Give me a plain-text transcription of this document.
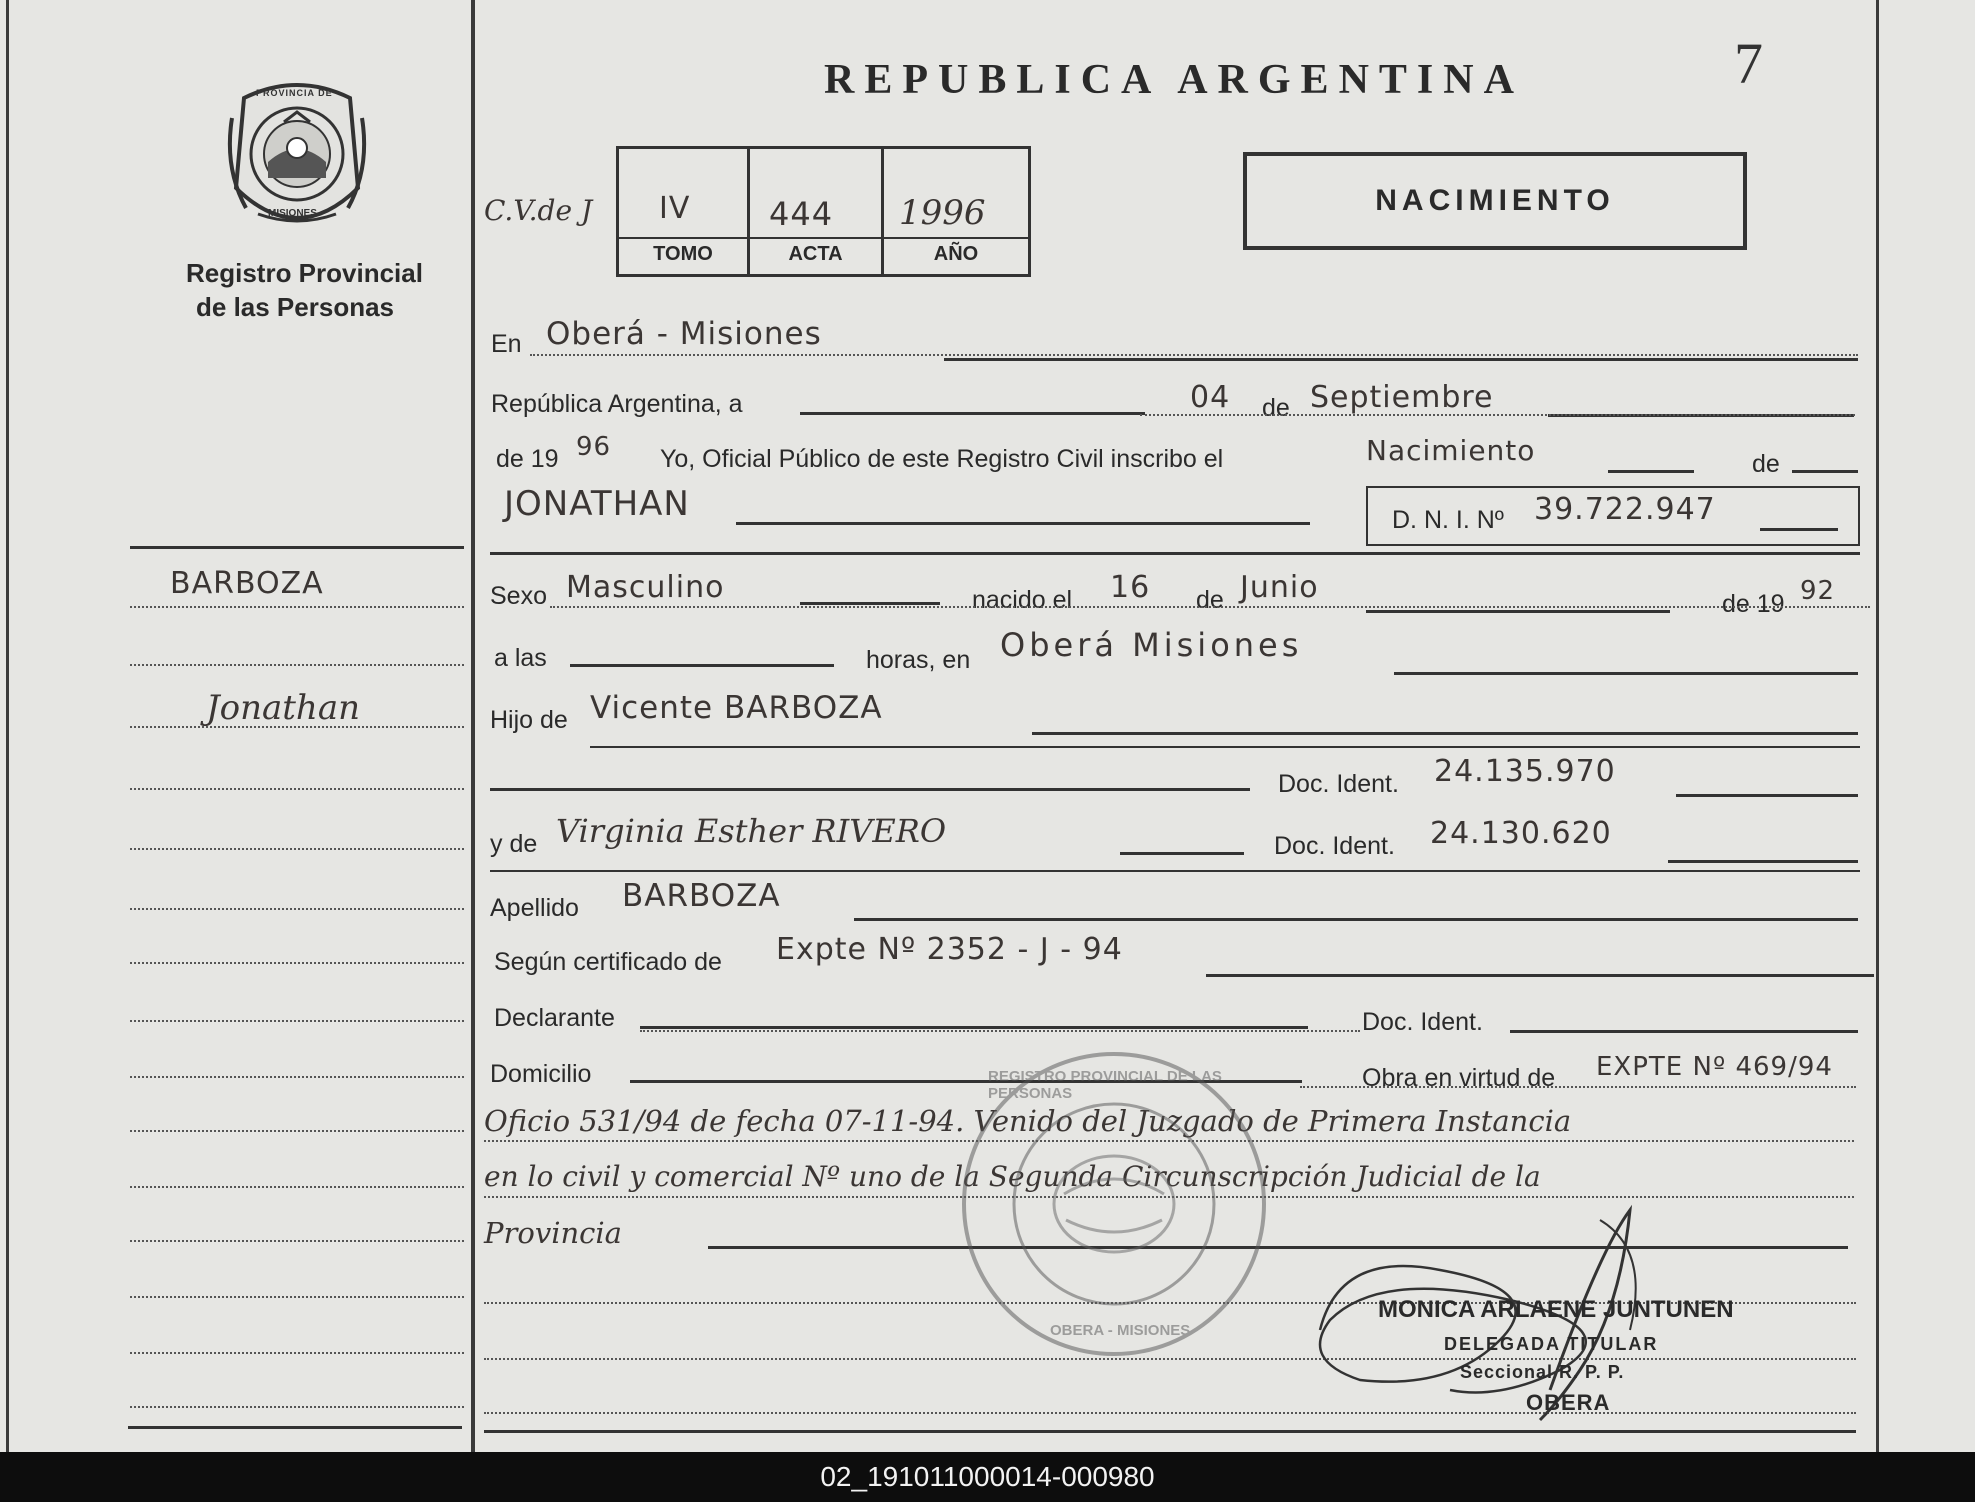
7
REPUBLICA ARGENTINA
PROVINCIA DE
MISIONES
Registro Provincial
de las Personas
C.V.de J IV 444 1996
TOMO	ACTA	AÑO
NACIMIENTO
En Oberá - Misiones
República Argentina, a	04 de Septiembre
de 19 96 Yo, Oficial Público de este Registro Civil inscribo el	Nacimiento	de
JONATHAN	D. N. I. Nº 39.722.947
BARBOZA
Jonathan
Sexo Masculino	nacido el 16 de Junio	de 19 92
a las	horas, en Oberá Misiones
Hijo de Vicente BARBOZA
Doc. Ident. 24.135.970
y de Virginia Esther RIVERO	Doc. Ident. 24.130.620
Apellido BARBOZA
Según certificado de Expte Nº 2352 - J - 94
Declarante	Doc. Ident.
Domicilio	Obra en virtud de EXPTE Nº 469/94
Oficio 531/94 de fecha 07-11-94. Venido del Juzgado de Primera Instancia
en lo civil y comercial Nº uno de la Segunda Circunscripción Judicial de la
Provincia
REGISTRO PROVINCIAL DE LAS PERSONAS
OBERA - MISIONES
MONICA ARLAENE JUNTUNEN
DELEGADA TITULAR
Seccional R. P. P.
OBERA
02_191011000014-000980
